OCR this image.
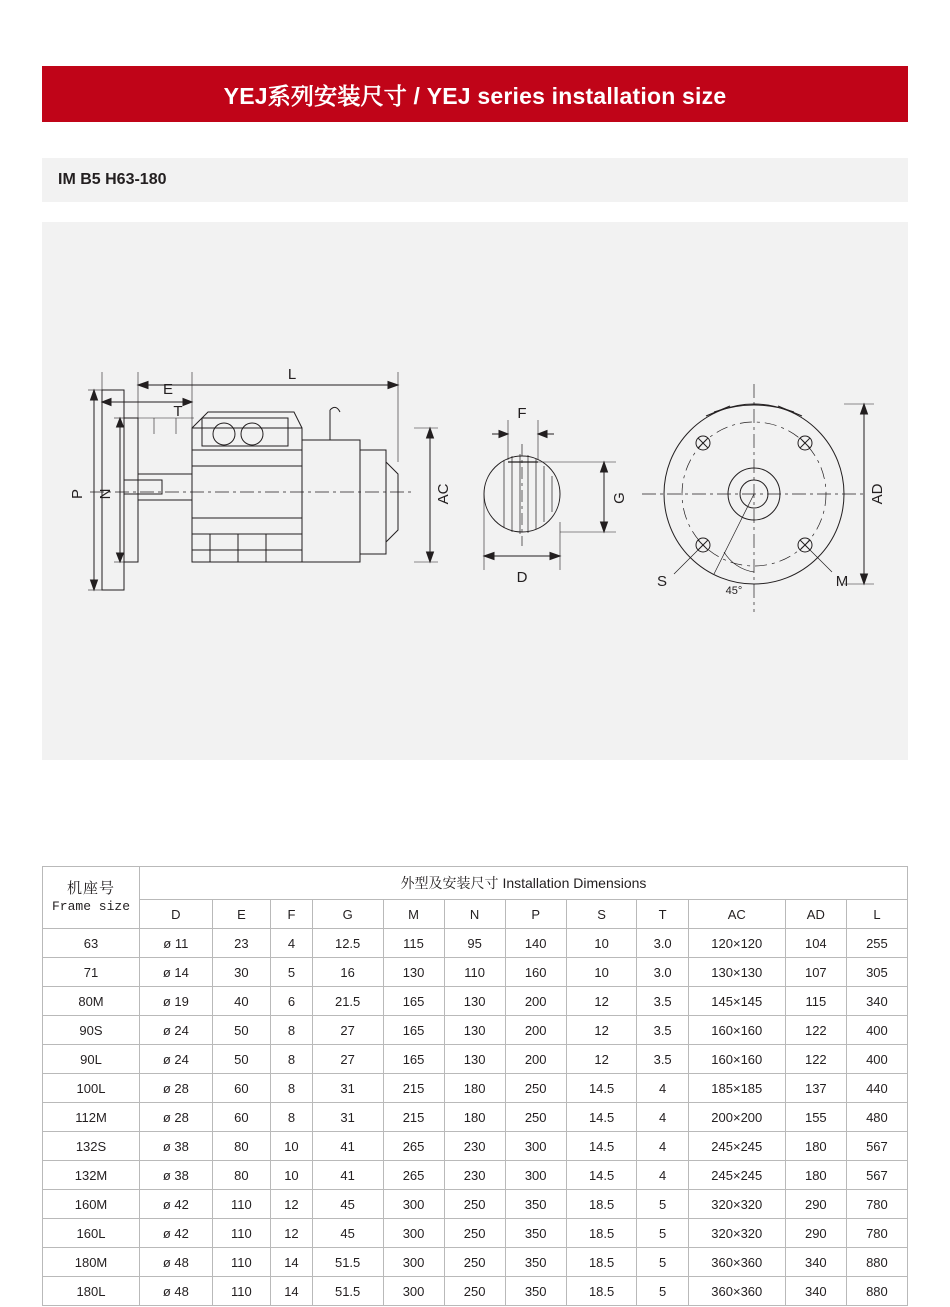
YEJ系列安装尺寸 / YEJ series installation size
IM B5 H63-180
L
E
T
P N	AC
F
G
D
AD
S	M
45°
机座号
Frame size	外型及安装尺寸 Installation Dimensions											
	D	E	F	G	M	N	P	S	T	AC	AD	L
63	ø 11	23	4	12.5	115	95	140	10	3.0	120×120	104	255
71	ø 14	30	5	16	130	110	160	10	3.0	130×130	107	305
80M	ø 19	40	6	21.5	165	130	200	12	3.5	145×145	115	340
90S	ø 24	50	8	27	165	130	200	12	3.5	160×160	122	400
90L	ø 24	50	8	27	165	130	200	12	3.5	160×160	122	400
100L	ø 28	60	8	31	215	180	250	14.5	4	185×185	137	440
112M	ø 28	60	8	31	215	180	250	14.5	4	200×200	155	480
132S	ø 38	80	10	41	265	230	300	14.5	4	245×245	180	567
132M	ø 38	80	10	41	265	230	300	14.5	4	245×245	180	567
160M	ø 42	110	12	45	300	250	350	18.5	5	320×320	290	780
160L	ø 42	110	12	45	300	250	350	18.5	5	320×320	290	780
180M	ø 48	110	14	51.5	300	250	350	18.5	5	360×360	340	880
180L	ø 48	110	14	51.5	300	250	350	18.5	5	360×360	340	880
